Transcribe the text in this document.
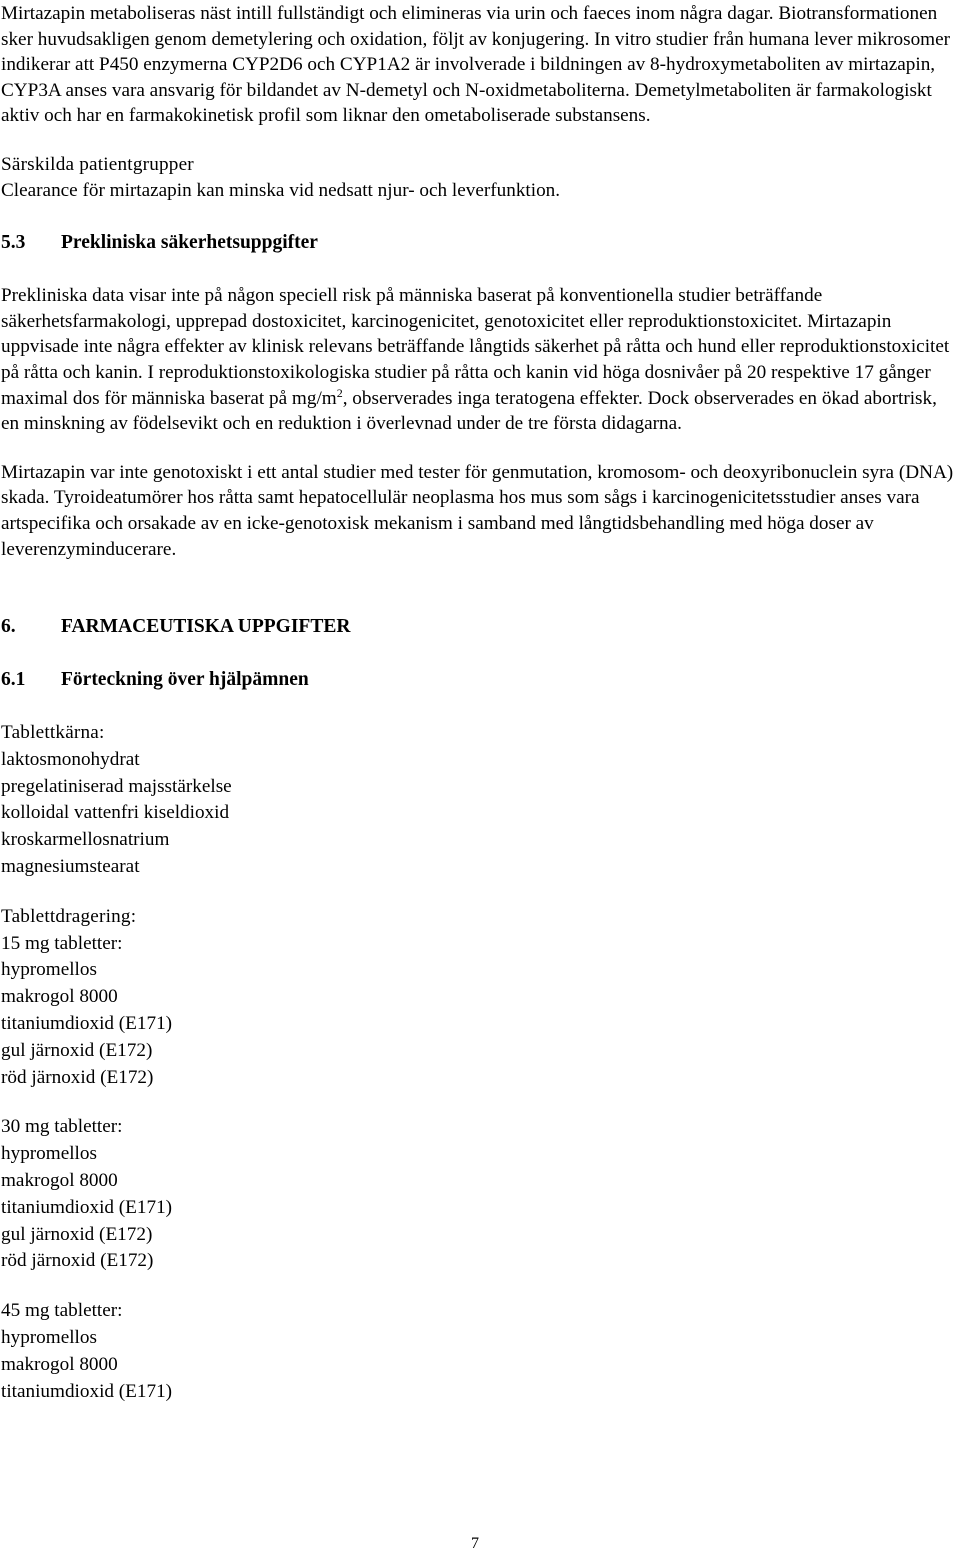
Mirtazapin metaboliseras näst intill fullständigt och elimineras via urin och faeces inom några dagar. Biotransformationen sker huvudsakligen genom demetylering och oxidation, följt av konjugering. In vitro studier från humana lever mikrosomer indikerar att P450 enzymerna CYP2D6 och CYP1A2 är involverade i bildningen av 8-hydroxymetaboliten av mirtazapin, CYP3A anses vara ansvarig för bildandet av N-demetyl och N-oxidmetaboliterna. Demetylmetaboliten är farmakologiskt aktiv och har en farmakokinetisk profil som liknar den ometaboliserade substansens.

Särskilda patientgrupper

Clearance för mirtazapin kan minska vid nedsatt njur- och leverfunktion.

5.3 Prekliniska säkerhetsuppgifter

Prekliniska data visar inte på någon speciell risk på människa baserat på konventionella studier beträffande säkerhetsfarmakologi, upprepad dostoxicitet, karcinogenicitet, genotoxicitet eller reproduktionstoxicitet. Mirtazapin uppvisade inte några effekter av klinisk relevans beträffande långtids säkerhet på råtta och hund eller reproduktionstoxicitet på råtta och kanin. I reproduktionstoxikologiska studier på råtta och kanin vid höga dosnivåer på 20 respektive 17 gånger maximal dos för människa baserat på $mg/m^2$, observerades inga teratogena effekter. Dock observerades en ökad abortrisk, en minskning av födelsevikt och en reduktion i överlevnad under de tre första didagarna.

Mirtazapin var inte genotoxiskt i ett antal studier med tester för genmutation, kromosom- och deoxyribonuclein syra (DNA) skada. Tyroideatumörer hos råtta samt hepatocellulär neoplasma hos mus som sågs i karcinogenicitetsstudier anses vara artspecifika och orsakade av en icke-genotoxisk mekanism i samband med långtidsbehandling med höga doser av leverenzyminducerare.

6. FARMACEUTISKA UPPGIFTER
6.1 Förteckning över hjälpämnen
Tablettkärna:
laktosmonohydrat
pregelatiniserad majsstärkelse
kolloidal vattenfri kiseldioxid
kroskarmellosnatrium
magnesiumstearat
Tablettdragering:
15 mg tabletter:
hypromellos
makrogol 8000
titaniumdioxid (E171)
gul järnoxid (E172)
röd järnoxid (E172)
30 mg tabletter:
hypromellos
makrogol 8000
titaniumdioxid (E171)
gul järnoxid (E172)
röd järnoxid (E172)
45 mg tabletter:
hypromellos
makrogol 8000
titaniumdioxid (E171)
7
